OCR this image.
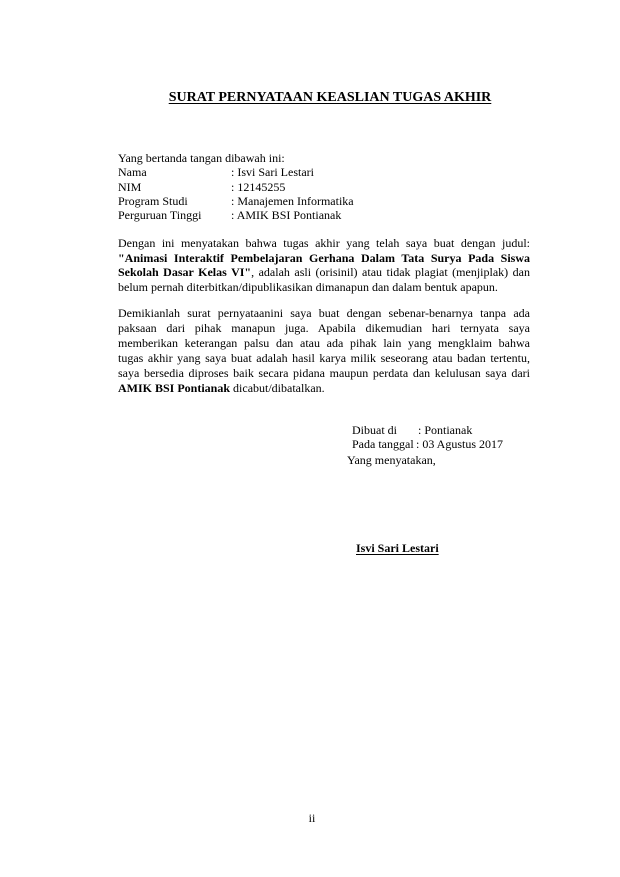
SURAT PERNYATAAN KEASLIAN TUGAS AKHIR
Yang bertanda tangan dibawah ini:
Nama	: Isvi Sari Lestari
NIM	: 12145255
Program Studi	: Manajemen Informatika
Perguruan Tinggi : AMIK BSI Pontianak
Dengan ini menyatakan bahwa tugas akhir yang telah saya buat dengan judul:
"Animasi Interaktif Pembelajaran Gerhana Dalam Tata Surya Pada Siswa
Sekolah Dasar Kelas VI", adalah asli (orisinil) atau tidak plagiat (menjiplak) dan
belum pernah diterbitkan/dipublikasikan dimanapun dan dalam bentuk apapun.
Demikianlah surat pernyataanini saya buat dengan sebenar-benarnya tanpa ada
paksaan dari pihak manapun juga. Apabila dikemudian hari ternyata saya
memberikan keterangan palsu dan atau ada pihak lain yang mengklaim bahwa
tugas akhir yang saya buat adalah hasil karya milik seseorang atau badan tertentu,
saya bersedia diproses baik secara pidana maupun perdata dan kelulusan saya dari
AMIK BSI Pontianak dicabut/dibatalkan.
Dibuat di : Pontianak
Pada tanggal : 03 Agustus 2017
Yang menyatakan,
Isvi Sari Lestari
ii
